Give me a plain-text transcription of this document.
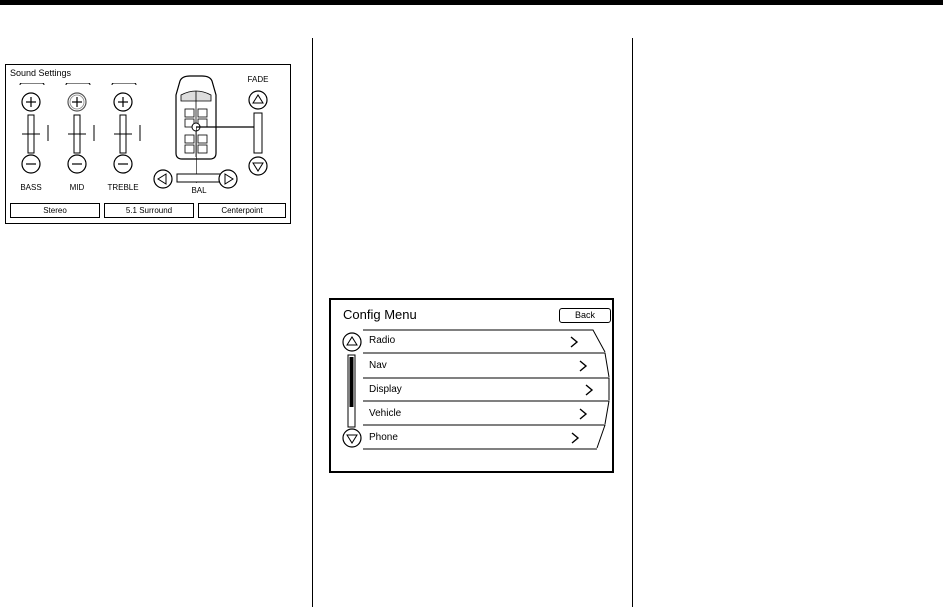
Sound Settings
BASS	MID	TREBLE
FADE
BAL
Stereo	5.1 Surround	Centerpoint
Config Menu	Back
Radio
Nav
Display
Vehicle
Phone
